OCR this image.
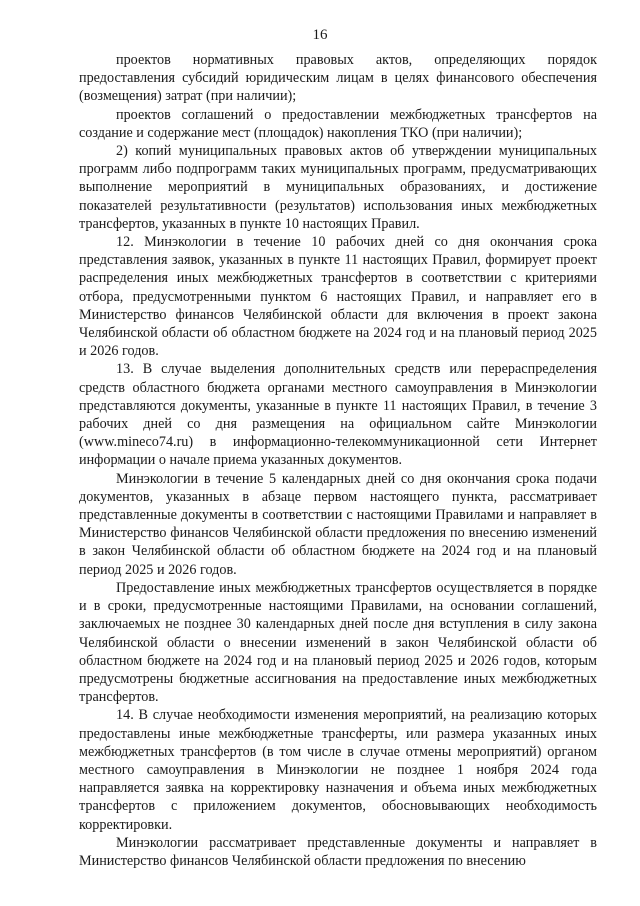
16

проектов нормативных правовых актов, определяющих порядок предоставления субсидий юридическим лицам в целях финансового обеспечения (возмещения) затрат (при наличии);

проектов соглашений о предоставлении межбюджетных трансфертов на создание и содержание мест (площадок) накопления ТКО (при наличии);

2) копий муниципальных правовых актов об утверждении муниципальных программ либо подпрограмм таких муниципальных программ, предусматривающих выполнение мероприятий в муниципальных образованиях, и достижение показателей результативности (результатов) использования иных межбюджетных трансфертов, указанных в пункте 10 настоящих Правил.

12. Минэкологии в течение 10 рабочих дней со дня окончания срока представления заявок, указанных в пункте 11 настоящих Правил, формирует проект распределения иных межбюджетных трансфертов в соответствии с критериями отбора, предусмотренными пунктом 6 настоящих Правил, и направляет его в Министерство финансов Челябинской области для включения в проект закона Челябинской области об областном бюджете на 2024 год и на плановый период 2025 и 2026 годов.

13. В случае выделения дополнительных средств или перераспределения средств областного бюджета органами местного самоуправления в Минэкологии представляются документы, указанные в пункте 11 настоящих Правил, в течение 3 рабочих дней со дня размещения на официальном сайте Минэкологии (www.mineco74.ru) в информационно-телекоммуникационной сети Интернет информации о начале приема указанных документов.

Минэкологии в течение 5 календарных дней со дня окончания срока подачи документов, указанных в абзаце первом настоящего пункта, рассматривает представленные документы в соответствии с настоящими Правилами и направляет в Министерство финансов Челябинской области предложения по внесению изменений в закон Челябинской области об областном бюджете на 2024 год и на плановый период 2025 и 2026 годов.

Предоставление иных межбюджетных трансфертов осуществляется в порядке и в сроки, предусмотренные настоящими Правилами, на основании соглашений, заключаемых не позднее 30 календарных дней после дня вступления в силу закона Челябинской области о внесении изменений в закон Челябинской области об областном бюджете на 2024 год и на плановый период 2025 и 2026 годов, которым предусмотрены бюджетные ассигнования на предоставление иных межбюджетных трансфертов.

14. В случае необходимости изменения мероприятий, на реализацию которых предоставлены иные межбюджетные трансферты, или размера указанных иных межбюджетных трансфертов (в том числе в случае отмены мероприятий) органом местного самоуправления в Минэкологии не позднее 1 ноября 2024 года направляется заявка на корректировку назначения и объема иных межбюджетных трансфертов с приложением документов, обосновывающих необходимость корректировки.

Минэкологии рассматривает представленные документы и направляет в Министерство финансов Челябинской области предложения по внесению
